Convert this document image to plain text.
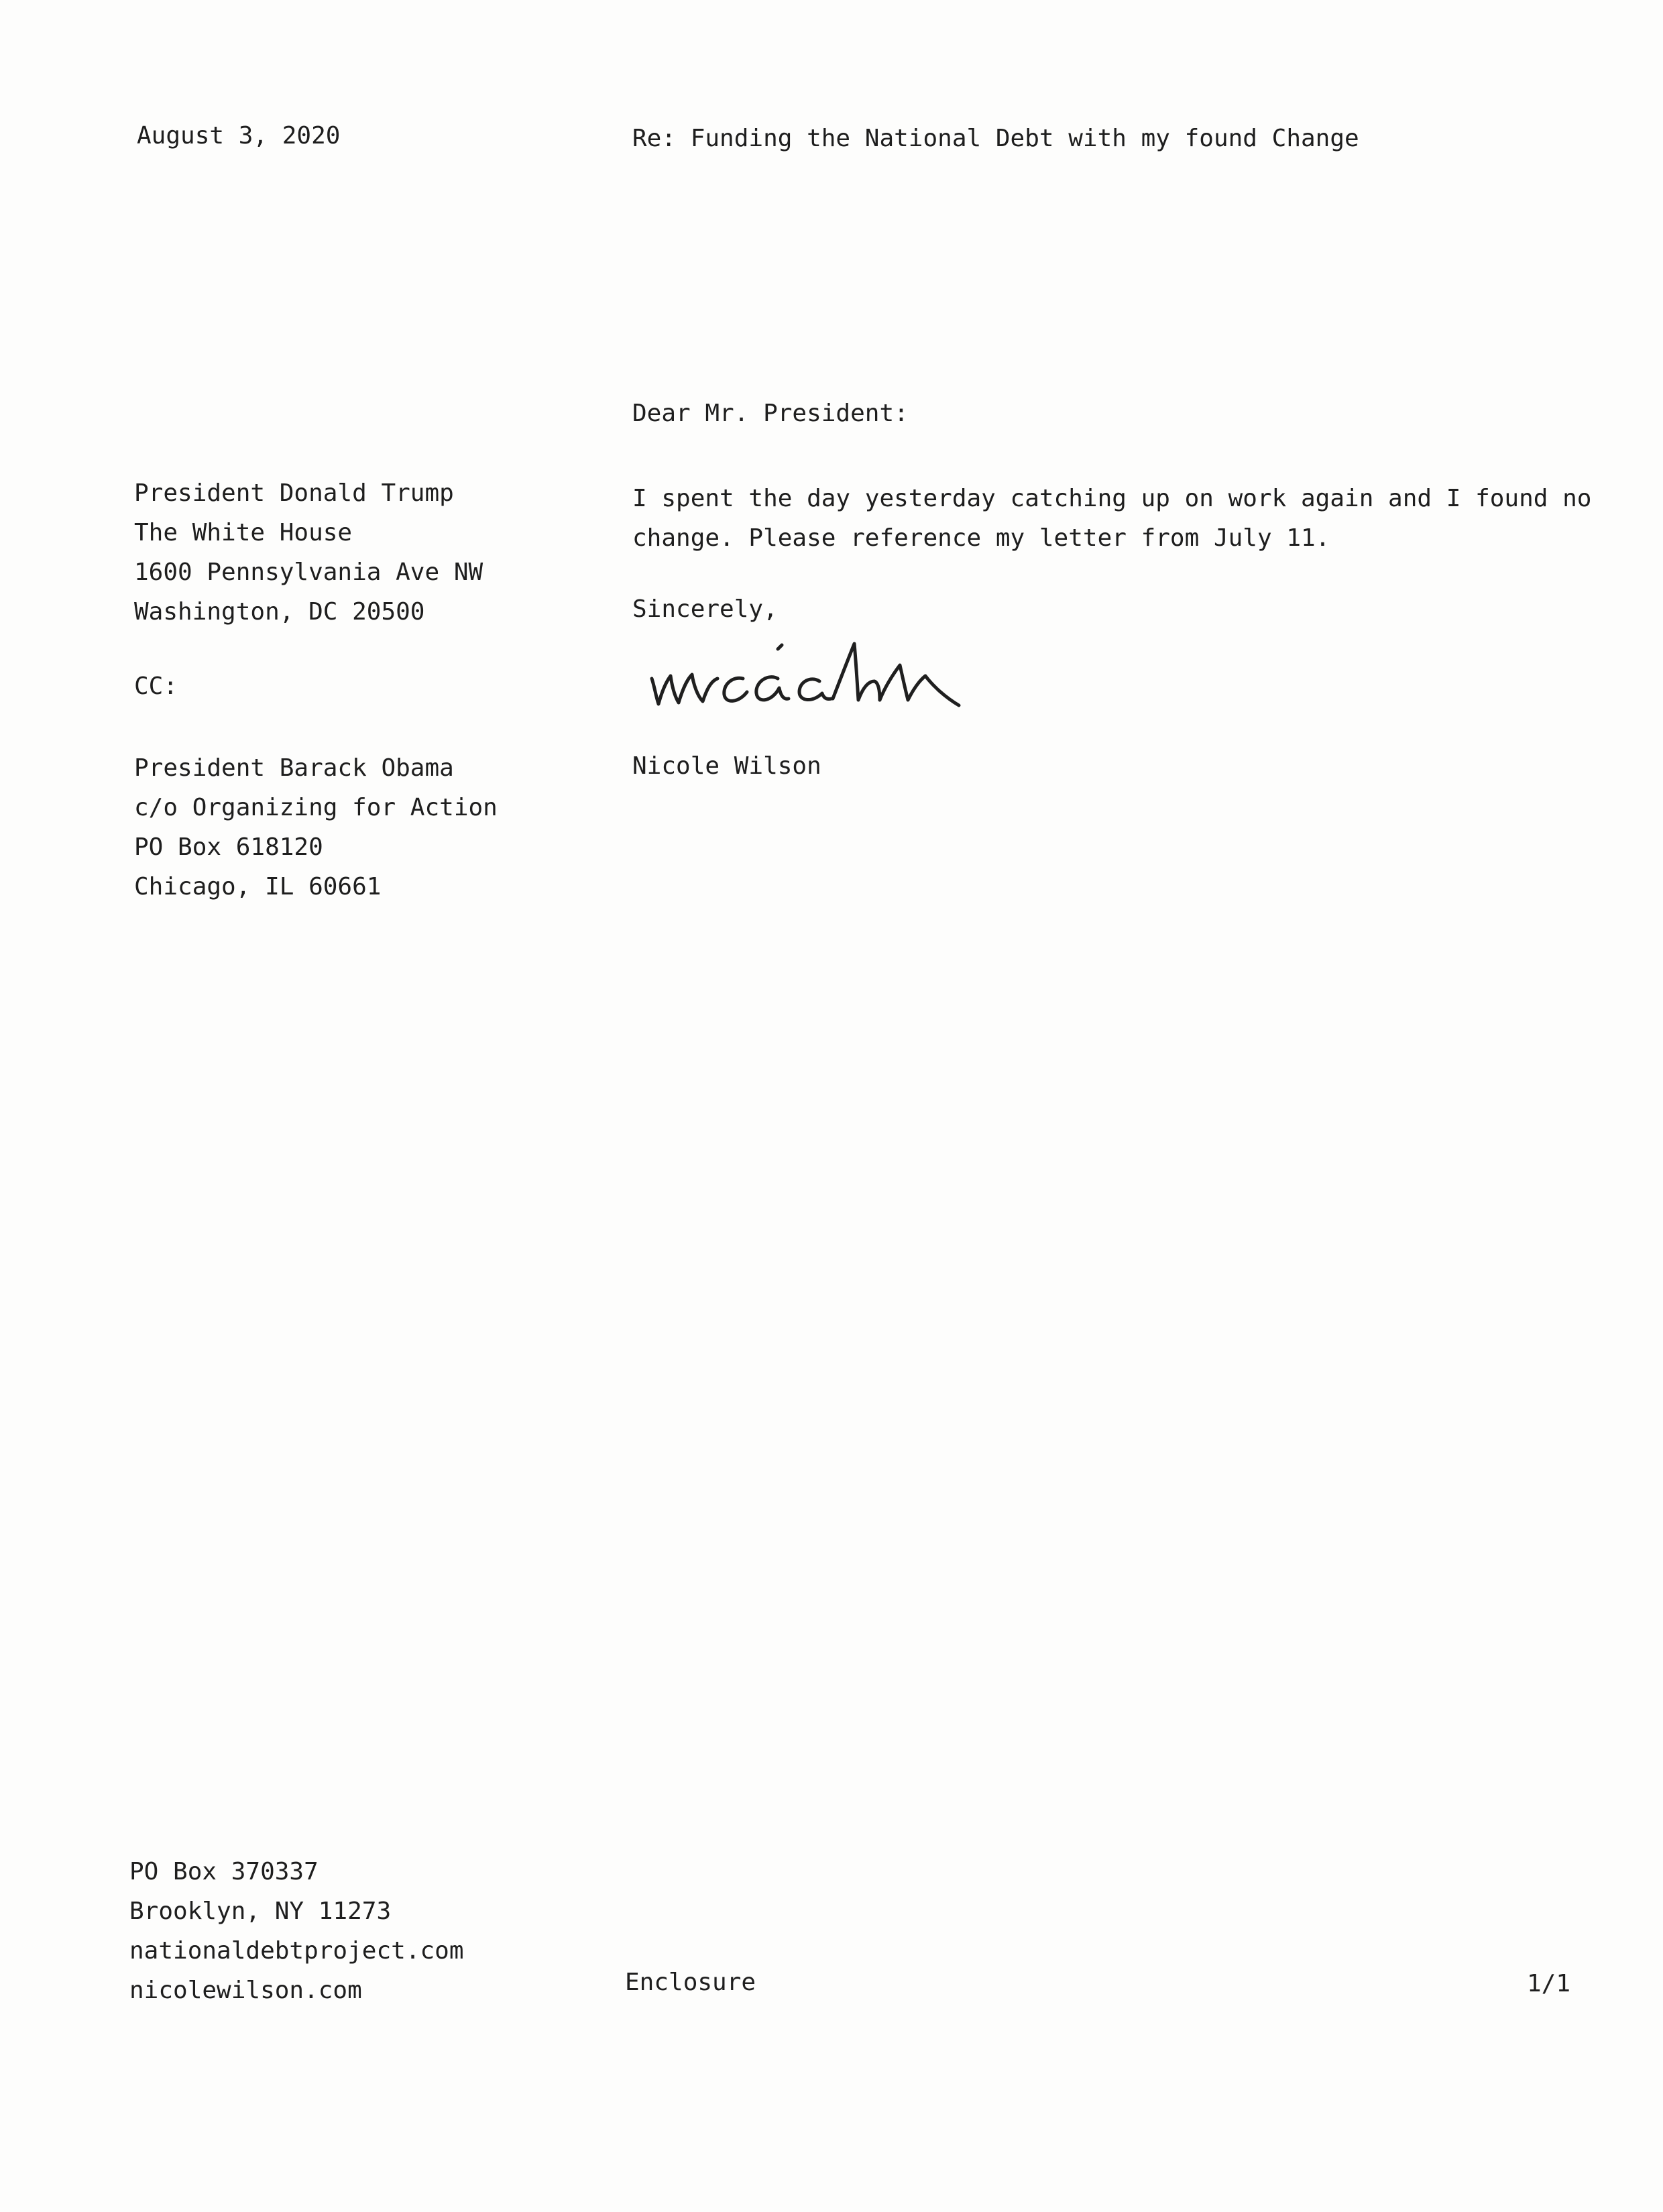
August 3, 2020	Re: Funding the National Debt with my found Change
Dear Mr. President:
President Donald Trump
The White House
1600 Pennsylvania Ave NW
Washington, DC 20500
CC:
President Barack Obama
c/o Organizing for Action
PO Box 618120
Chicago, IL 60661
I spent the day yesterday catching up on work again and I found no
change. Please reference my letter from July 11.
Sincerely,
Nicole Wilson
PO Box 370337
Brooklyn, NY 11273
nationaldebtproject.com
nicolewilson.com	Enclosure	1/1
